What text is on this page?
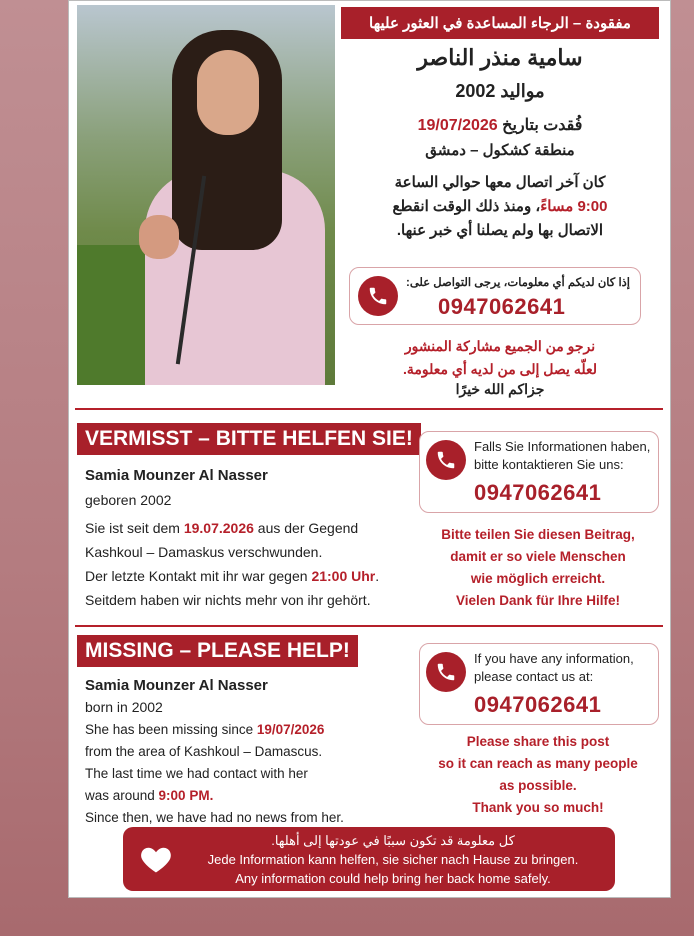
مفقودة – الرجاء المساعدة في العثور عليها
سامية منذر الناصر
مواليد 2002
فُقدت بتاريخ 19/07/2026
منطقة كشكول – دمشق
كان آخر اتصال معها حوالي الساعة
9:00 مساءً، ومنذ ذلك الوقت انقطع
الاتصال بها ولم يصلنا أي خبر عنها.
إذا كان لديكم أي معلومات، يرجى التواصل على:
0947062641
نرجو من الجميع مشاركة المنشور
لعلّه يصل إلى من لديه أي معلومة.
جزاكم الله خيرًا
VERMISST – BITTE HELFEN SIE!
Samia Mounzer Al Nasser
geboren 2002
Sie ist seit dem 19.07.2026 aus der Gegend
Kashkoul – Damaskus verschwunden.
Der letzte Kontakt mit ihr war gegen 21:00 Uhr.
Seitdem haben wir nichts mehr von ihr gehört.
Falls Sie Informationen haben,
bitte kontaktieren Sie uns:
0947062641
Bitte teilen Sie diesen Beitrag,
damit er so viele Menschen
wie möglich erreicht.
Vielen Dank für Ihre Hilfe!
MISSING – PLEASE HELP!
Samia Mounzer Al Nasser
born in 2002
She has been missing since 19/07/2026
from the area of Kashkoul – Damascus.
The last time we had contact with her
was around 9:00 PM.
Since then, we have had no news from her.
If you have any information,
please contact us at:
0947062641
Please share this post
so it can reach as many people
as possible.
Thank you so much!
كل معلومة قد تكون سببًا في عودتها إلى أهلها.
Jede Information kann helfen, sie sicher nach Hause zu bringen.
Any information could help bring her back home safely.
